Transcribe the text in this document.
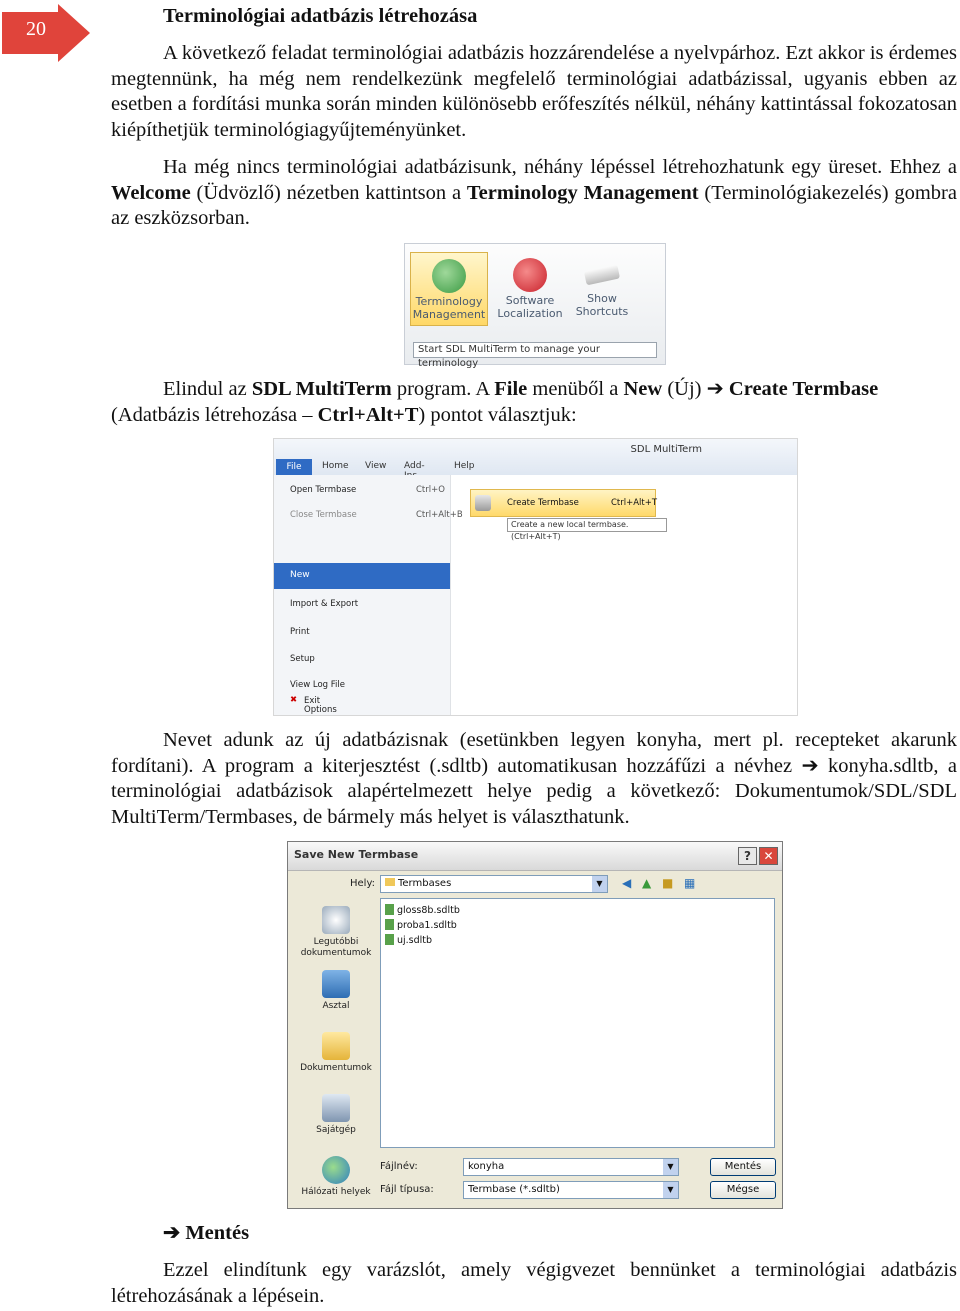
20
Terminológiai adatbázis létrehozása

A következő feladat terminológiai adatbázis hozzárendelése a nyelvpárhoz. Ezt akkor is érdemes megtennünk, ha még nem rendelkezünk megfelelő terminológiai adatbázissal, ugyanis ebben az esetben a fordítási munka során minden különösebb erőfeszítés nélkül, néhány kattintással fokozatosan kiépíthetjük terminológiagyűjteményünket.

Ha még nincs terminológiai adatbázisunk, néhány lépéssel létrehozhatunk egy üreset. Ehhez a Welcome (Üdvözlő) nézetben kattintson a Terminology Management (Terminológiakezelés) gombra az eszközsorban.

Terminology
Management
Software
Localization
Show
Shortcuts
Start SDL MultiTerm to manage your terminology

Elindul az SDL MultiTerm program. A File menüből a New (Új) ➔ Create Termbase
(Adatbázis létrehozása – Ctrl+Alt+T) pontot választjuk:

SDL MultiTerm
File	Home View Add-	Help
Open Termbase	Ctrl+O
Close Termbase	Ctrl+Alt+B
New
Import & Export
Print
Setup
View Log File
Options
✖ Exit
Create Termbase	Ctrl+Alt+T
Create a new local termbase. (Ctrl+Alt+T)

Nevet adunk az új adatbázisnak (esetünkben legyen konyha, mert pl. recepteket akarunk fordítani). A program a kiterjesztést (.sdltb) automatikusan hozzáfűzi a névhez ➔ konyha.sdltb, a terminológiai adatbázisok alapértelmezett helye pedig a következő: Dokumentumok/SDL/SDL MultiTerm/Termbases, de bármely más helyet is választhatunk.

Save New Termbase	?	✕
Hely:	Termbases	▼	◀ ▲ ■ ▦
Legutóbbi dokumentumok
Asztal
Dokumentumok
Sajátgép
Hálózati helyek
gloss8b.sdltb
proba1.sdltb
uj.sdltb
Fájlnév:	konyha	▼
Fájl típusa:	Termbase (*.sdltb)	▼
Mentés
Mégse

➔ Mentés

Ezzel elindítunk egy varázslót, amely végigvezet bennünket a terminológiai adatbázis létrehozásának a lépésein.
